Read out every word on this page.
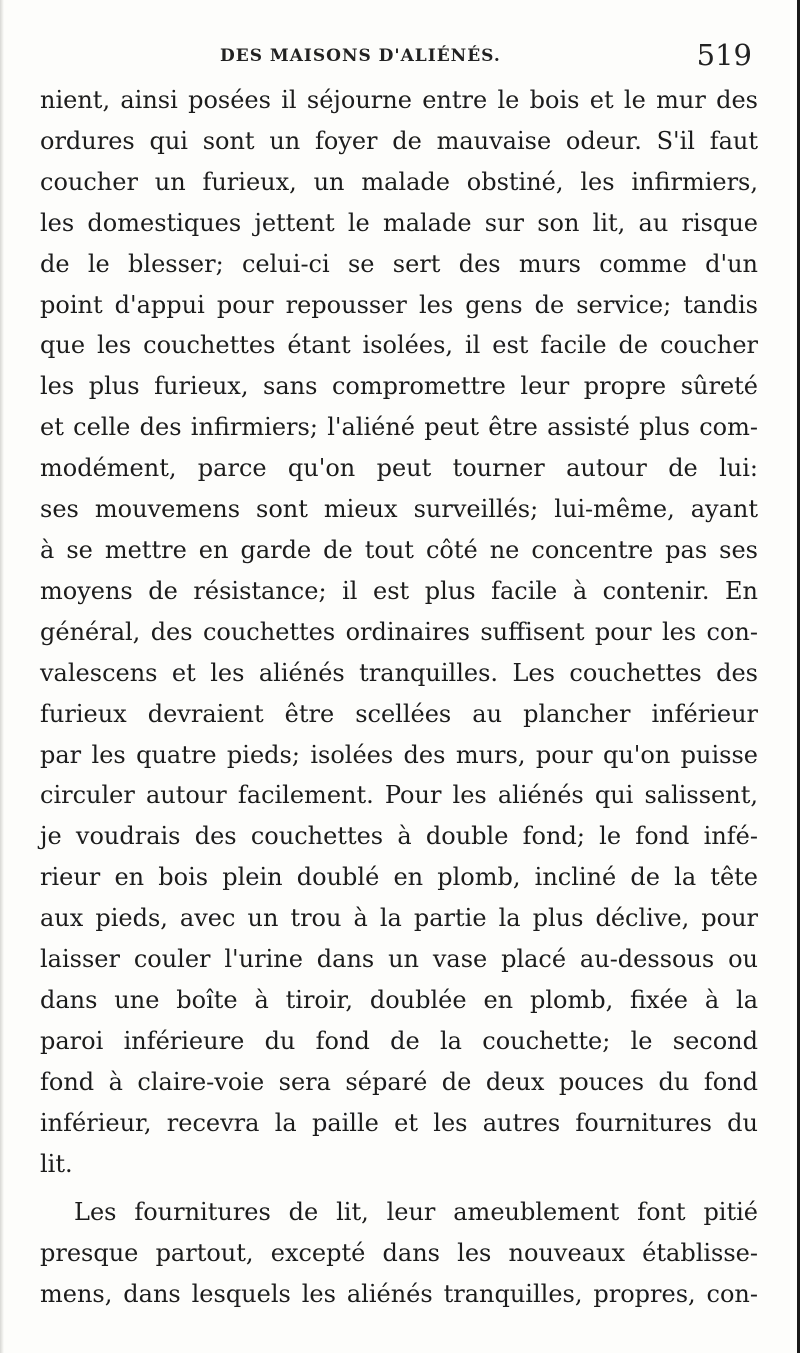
DES MAISONS D'ALIÉNÉS.	519
nient, ainsi posées il séjourne entre le bois et le mur des
ordures qui sont un foyer de mauvaise odeur. S'il faut
coucher un furieux, un malade obstiné, les infirmiers,
les domestiques jettent le malade sur son lit, au risque
de le blesser; celui-ci se sert des murs comme d'un
point d'appui pour repousser les gens de service; tandis
que les couchettes étant isolées, il est facile de coucher
les plus furieux, sans compromettre leur propre sûreté
et celle des infirmiers; l'aliéné peut être assisté plus com-
modément, parce qu'on peut tourner autour de lui:
ses mouvemens sont mieux surveillés; lui-même, ayant
à se mettre en garde de tout côté ne concentre pas ses
moyens de résistance; il est plus facile à contenir. En
général, des couchettes ordinaires suffisent pour les con-
valescens et les aliénés tranquilles. Les couchettes des
furieux devraient être scellées au plancher inférieur
par les quatre pieds; isolées des murs, pour qu'on puisse
circuler autour facilement. Pour les aliénés qui salissent,
je voudrais des couchettes à double fond; le fond infé-
rieur en bois plein doublé en plomb, incliné de la tête
aux pieds, avec un trou à la partie la plus déclive, pour
laisser couler l'urine dans un vase placé au-dessous ou
dans une boîte à tiroir, doublée en plomb, fixée à la
paroi inférieure du fond de la couchette; le second
fond à claire-voie sera séparé de deux pouces du fond
inférieur, recevra la paille et les autres fournitures du
lit.
Les fournitures de lit, leur ameublement font pitié
presque partout, excepté dans les nouveaux établisse-
mens, dans lesquels les aliénés tranquilles, propres, con-
